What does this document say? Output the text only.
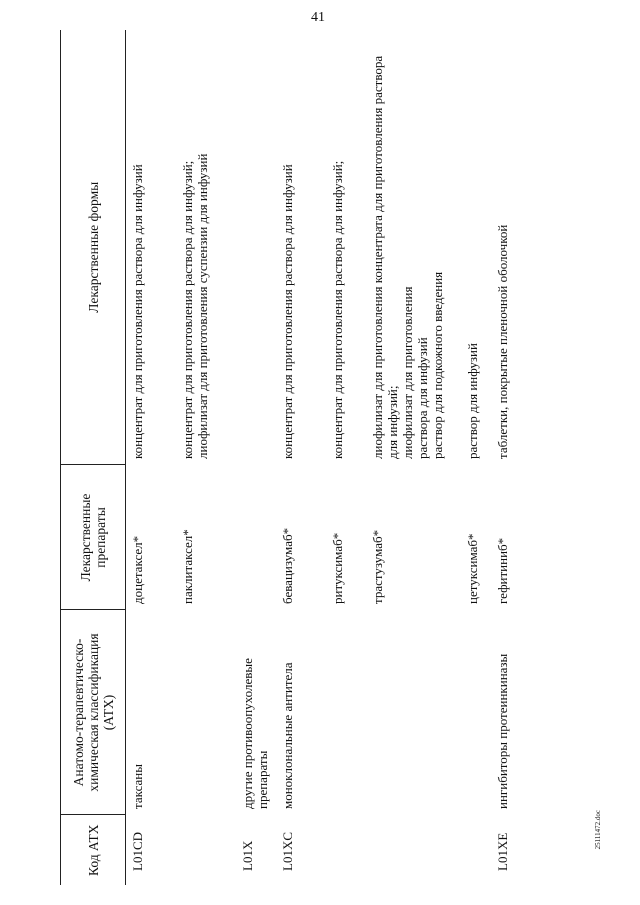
41
Код АТХ	Анатомо-терапевтическо-химическая классификация (АТХ)	Лекарственные препараты	Лекарственные формы
L01CD	таксаны	доцетаксел*	концентрат для приготовления раствора для инфузий

		паклитаксел*	концентрат для приготовления раствора для инфузий; лиофилизат для приготовления суспензии для инфузий

L01X	другие противоопухолевые препараты		
L01XC	моноклональные антитела	бевацизумаб*	концентрат для приготовления раствора для инфузий

		ритуксимаб*	концентрат для приготовления раствора для инфузий;

		трастузумаб*	лиофилизат для приготовления концентрата для приготовления раствора для инфузий; лиофилизат для приготовления раствора для инфузий раствор для подкожного введения

		цетуксимаб*	раствор для инфузий

L01XE	ингибиторы протеинкиназы	гефитиниб*	таблетки, покрытые пленочной оболочкой
25111472.doc
